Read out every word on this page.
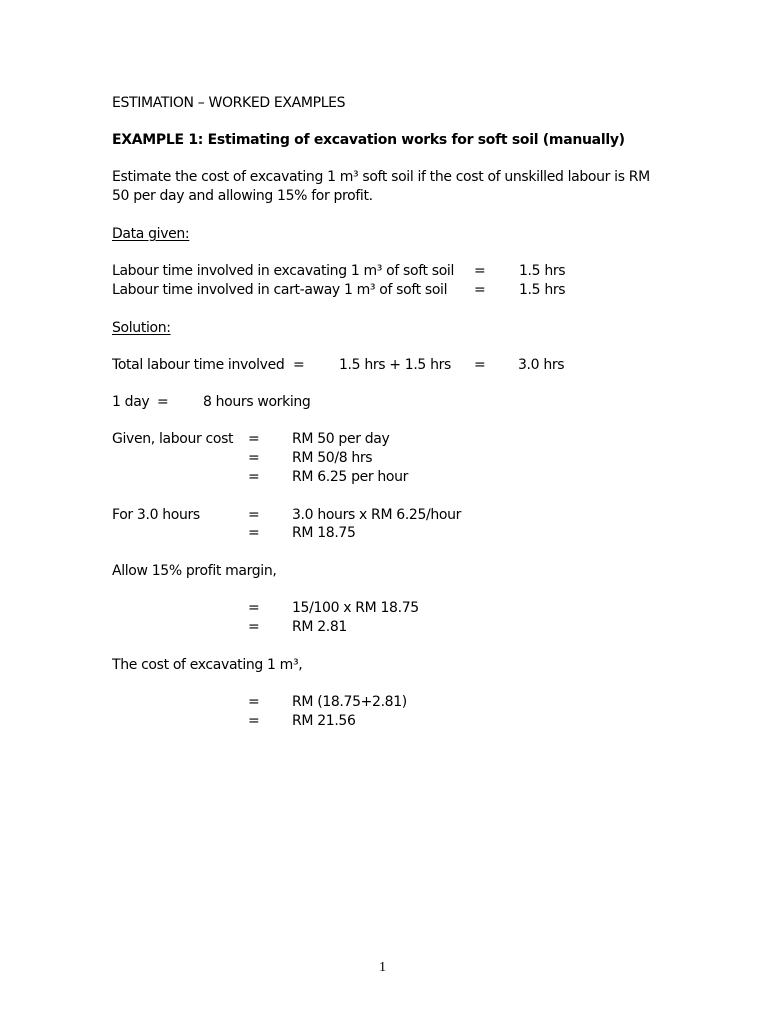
ESTIMATION – WORKED EXAMPLES
EXAMPLE 1: Estimating of excavation works for soft soil (manually)
Estimate the cost of excavating 1 m³ soft soil if the cost of unskilled labour is RM
50 per day and allowing 15% for profit.
Data given:
Labour time involved in excavating 1 m³ of soft soil = 1.5 hrs
Labour time involved in cart-away 1 m³ of soft soil = 1.5 hrs
Solution:
Total labour time involved = 1.5 hrs + 1.5 hrs = 3.0 hrs
1 day = 8 hours working
Given, labour cost = RM 50 per day
= RM 50/8 hrs
= RM 6.25 per hour
For 3.0 hours	= 3.0 hours x RM 6.25/hour
= RM 18.75
Allow 15% profit margin,
= 15/100 x RM 18.75
= RM 2.81
The cost of excavating 1 m³,
= RM (18.75+2.81)
= RM 21.56
1
